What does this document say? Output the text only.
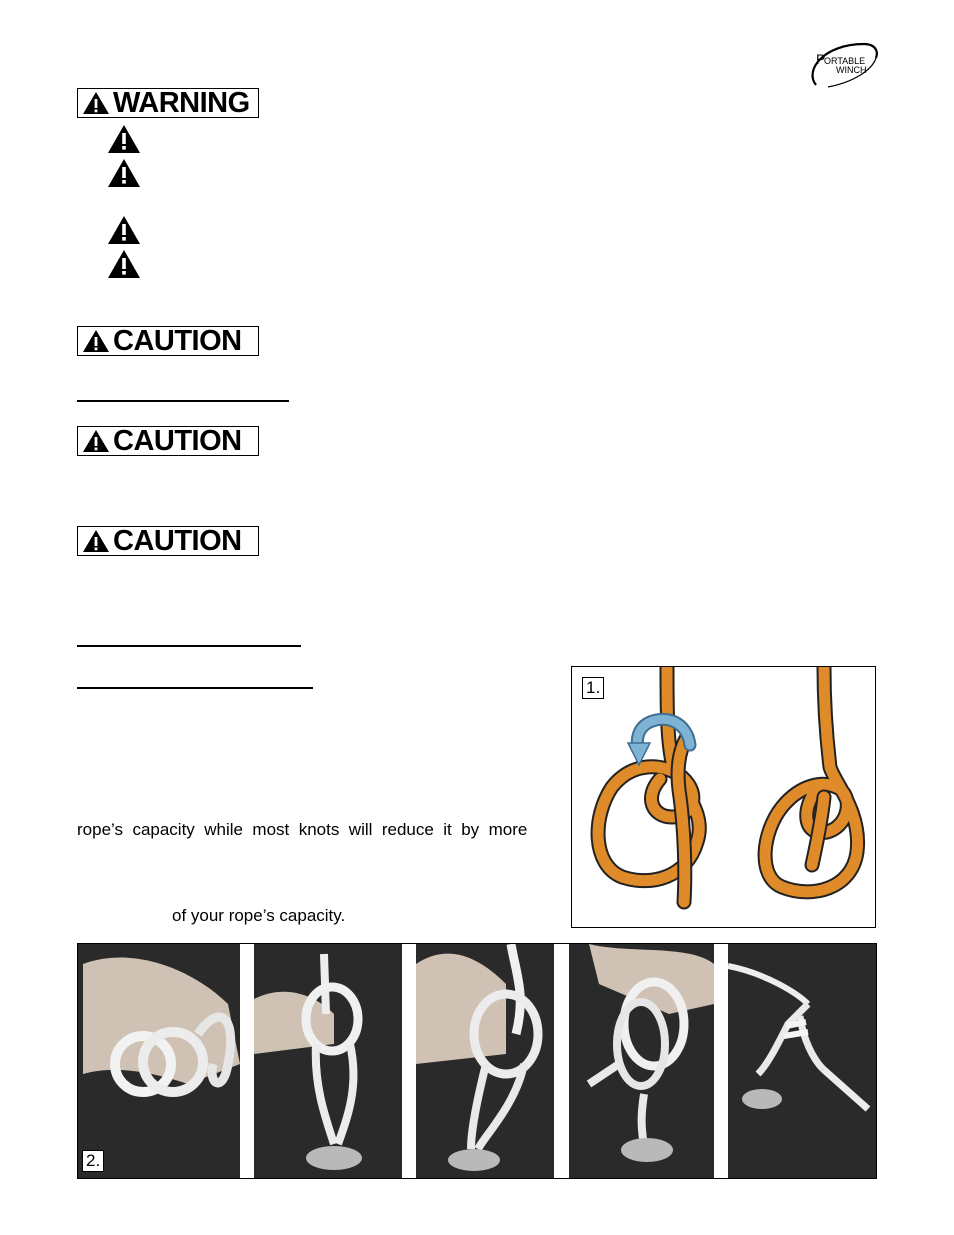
P
ORTABLE
WINCH
WARNING
CAUTION
CAUTION
CAUTION
rope’s  capacity  while  most  knots  will  reduce  it  by  more
of your rope’s capacity.
1.
2.
